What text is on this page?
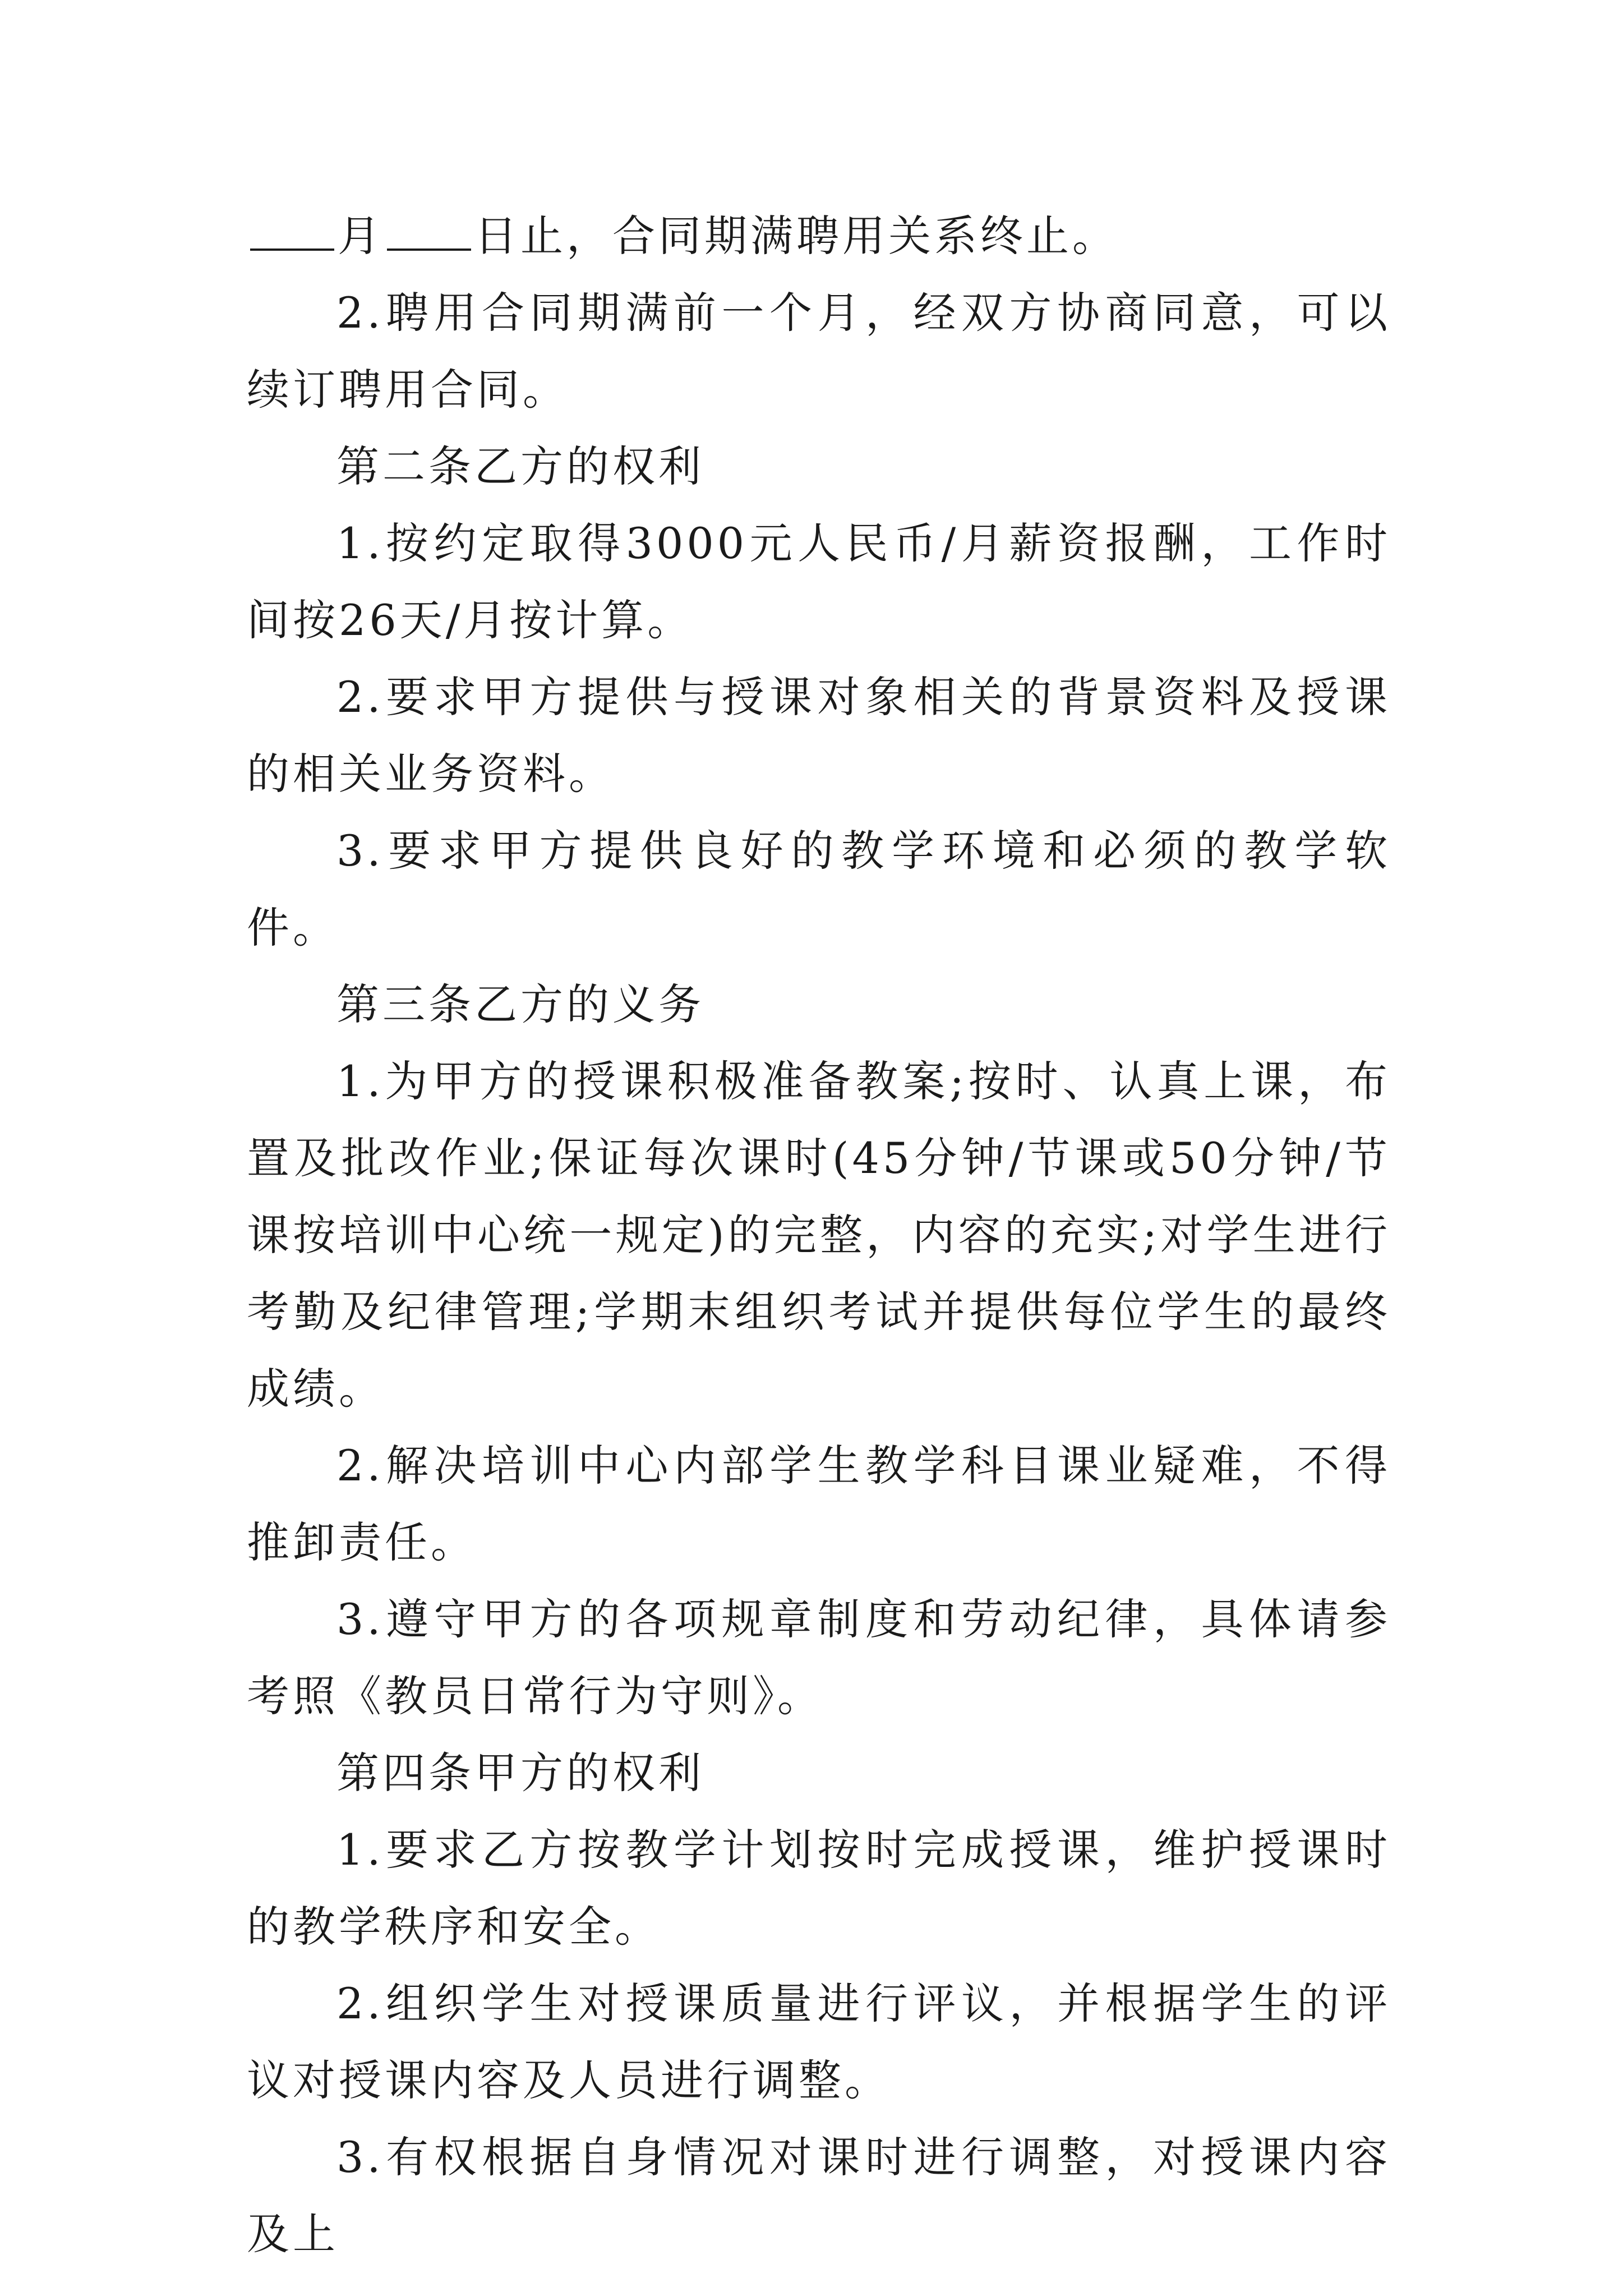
月 日止，合同期满聘用关系终止。

2.聘用合同期满前一个月，经双方协商同意，可以续订聘用合同。

第二条乙方的权利

1.按约定取得3000元人民币/月薪资报酬，工作时间按26天/月按计算。

2.要求甲方提供与授课对象相关的背景资料及授课的相关业务资料。

3.要求甲方提供良好的教学环境和必须的教学软件。

第三条乙方的义务

1.为甲方的授课积极准备教案;按时、认真上课，布置及批改作业;保证每次课时(45分钟/节课或50分钟/节课按培训中心统一规定)的完整，内容的充实;对学生进行考勤及纪律管理;学期末组织考试并提供每位学生的最终成绩。

2.解决培训中心内部学生教学科目课业疑难，不得推卸责任。

3.遵守甲方的各项规章制度和劳动纪律，具体请参考照《教员日常行为守则》。

第四条甲方的权利

1.要求乙方按教学计划按时完成授课，维护授课时的教学秩序和安全。

2.组织学生对授课质量进行评议，并根据学生的评议对授课内容及人员进行调整。

3.有权根据自身情况对课时进行调整，对授课内容及上
